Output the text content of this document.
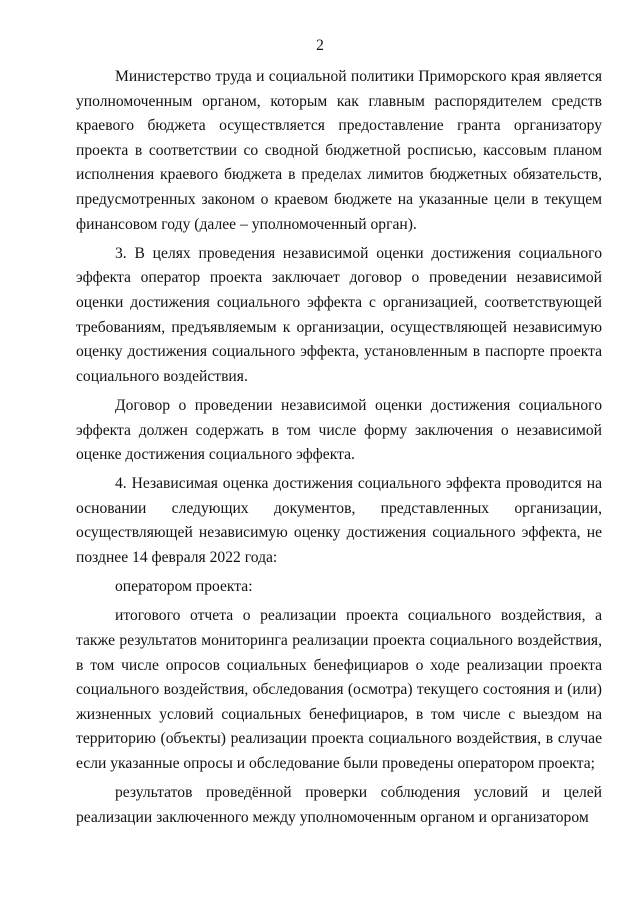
2

Министерство труда и социальной политики Приморского края является уполномоченным органом, которым как главным распорядителем средств краевого бюджета осуществляется предоставление гранта организатору проекта в соответствии со сводной бюджетной росписью, кассовым планом исполнения краевого бюджета в пределах лимитов бюджетных обязательств, предусмотренных законом о краевом бюджете на указанные цели в текущем финансовом году (далее – уполномоченный орган).

3. В целях проведения независимой оценки достижения социального эффекта оператор проекта заключает договор о проведении независимой оценки достижения социального эффекта с организацией, соответствующей требованиям, предъявляемым к организации, осуществляющей независимую оценку достижения социального эффекта, установленным в паспорте проекта социального воздействия.

Договор о проведении независимой оценки достижения социального эффекта должен содержать в том числе форму заключения о независимой оценке достижения социального эффекта.

4. Независимая оценка достижения социального эффекта проводится на основании следующих документов, представленных организации, осуществляющей независимую оценку достижения социального эффекта, не позднее 14 февраля 2022 года:

оператором проекта:

итогового отчета о реализации проекта социального воздействия, а также результатов мониторинга реализации проекта социального воздействия, в том числе опросов социальных бенефициаров о ходе реализации проекта социального воздействия, обследования (осмотра) текущего состояния и (или) жизненных условий социальных бенефициаров, в том числе с выездом на территорию (объекты) реализации проекта социального воздействия, в случае если указанные опросы и обследование были проведены оператором проекта;

результатов проведённой проверки соблюдения условий и целей реализации заключенного между уполномоченным органом и организатором
